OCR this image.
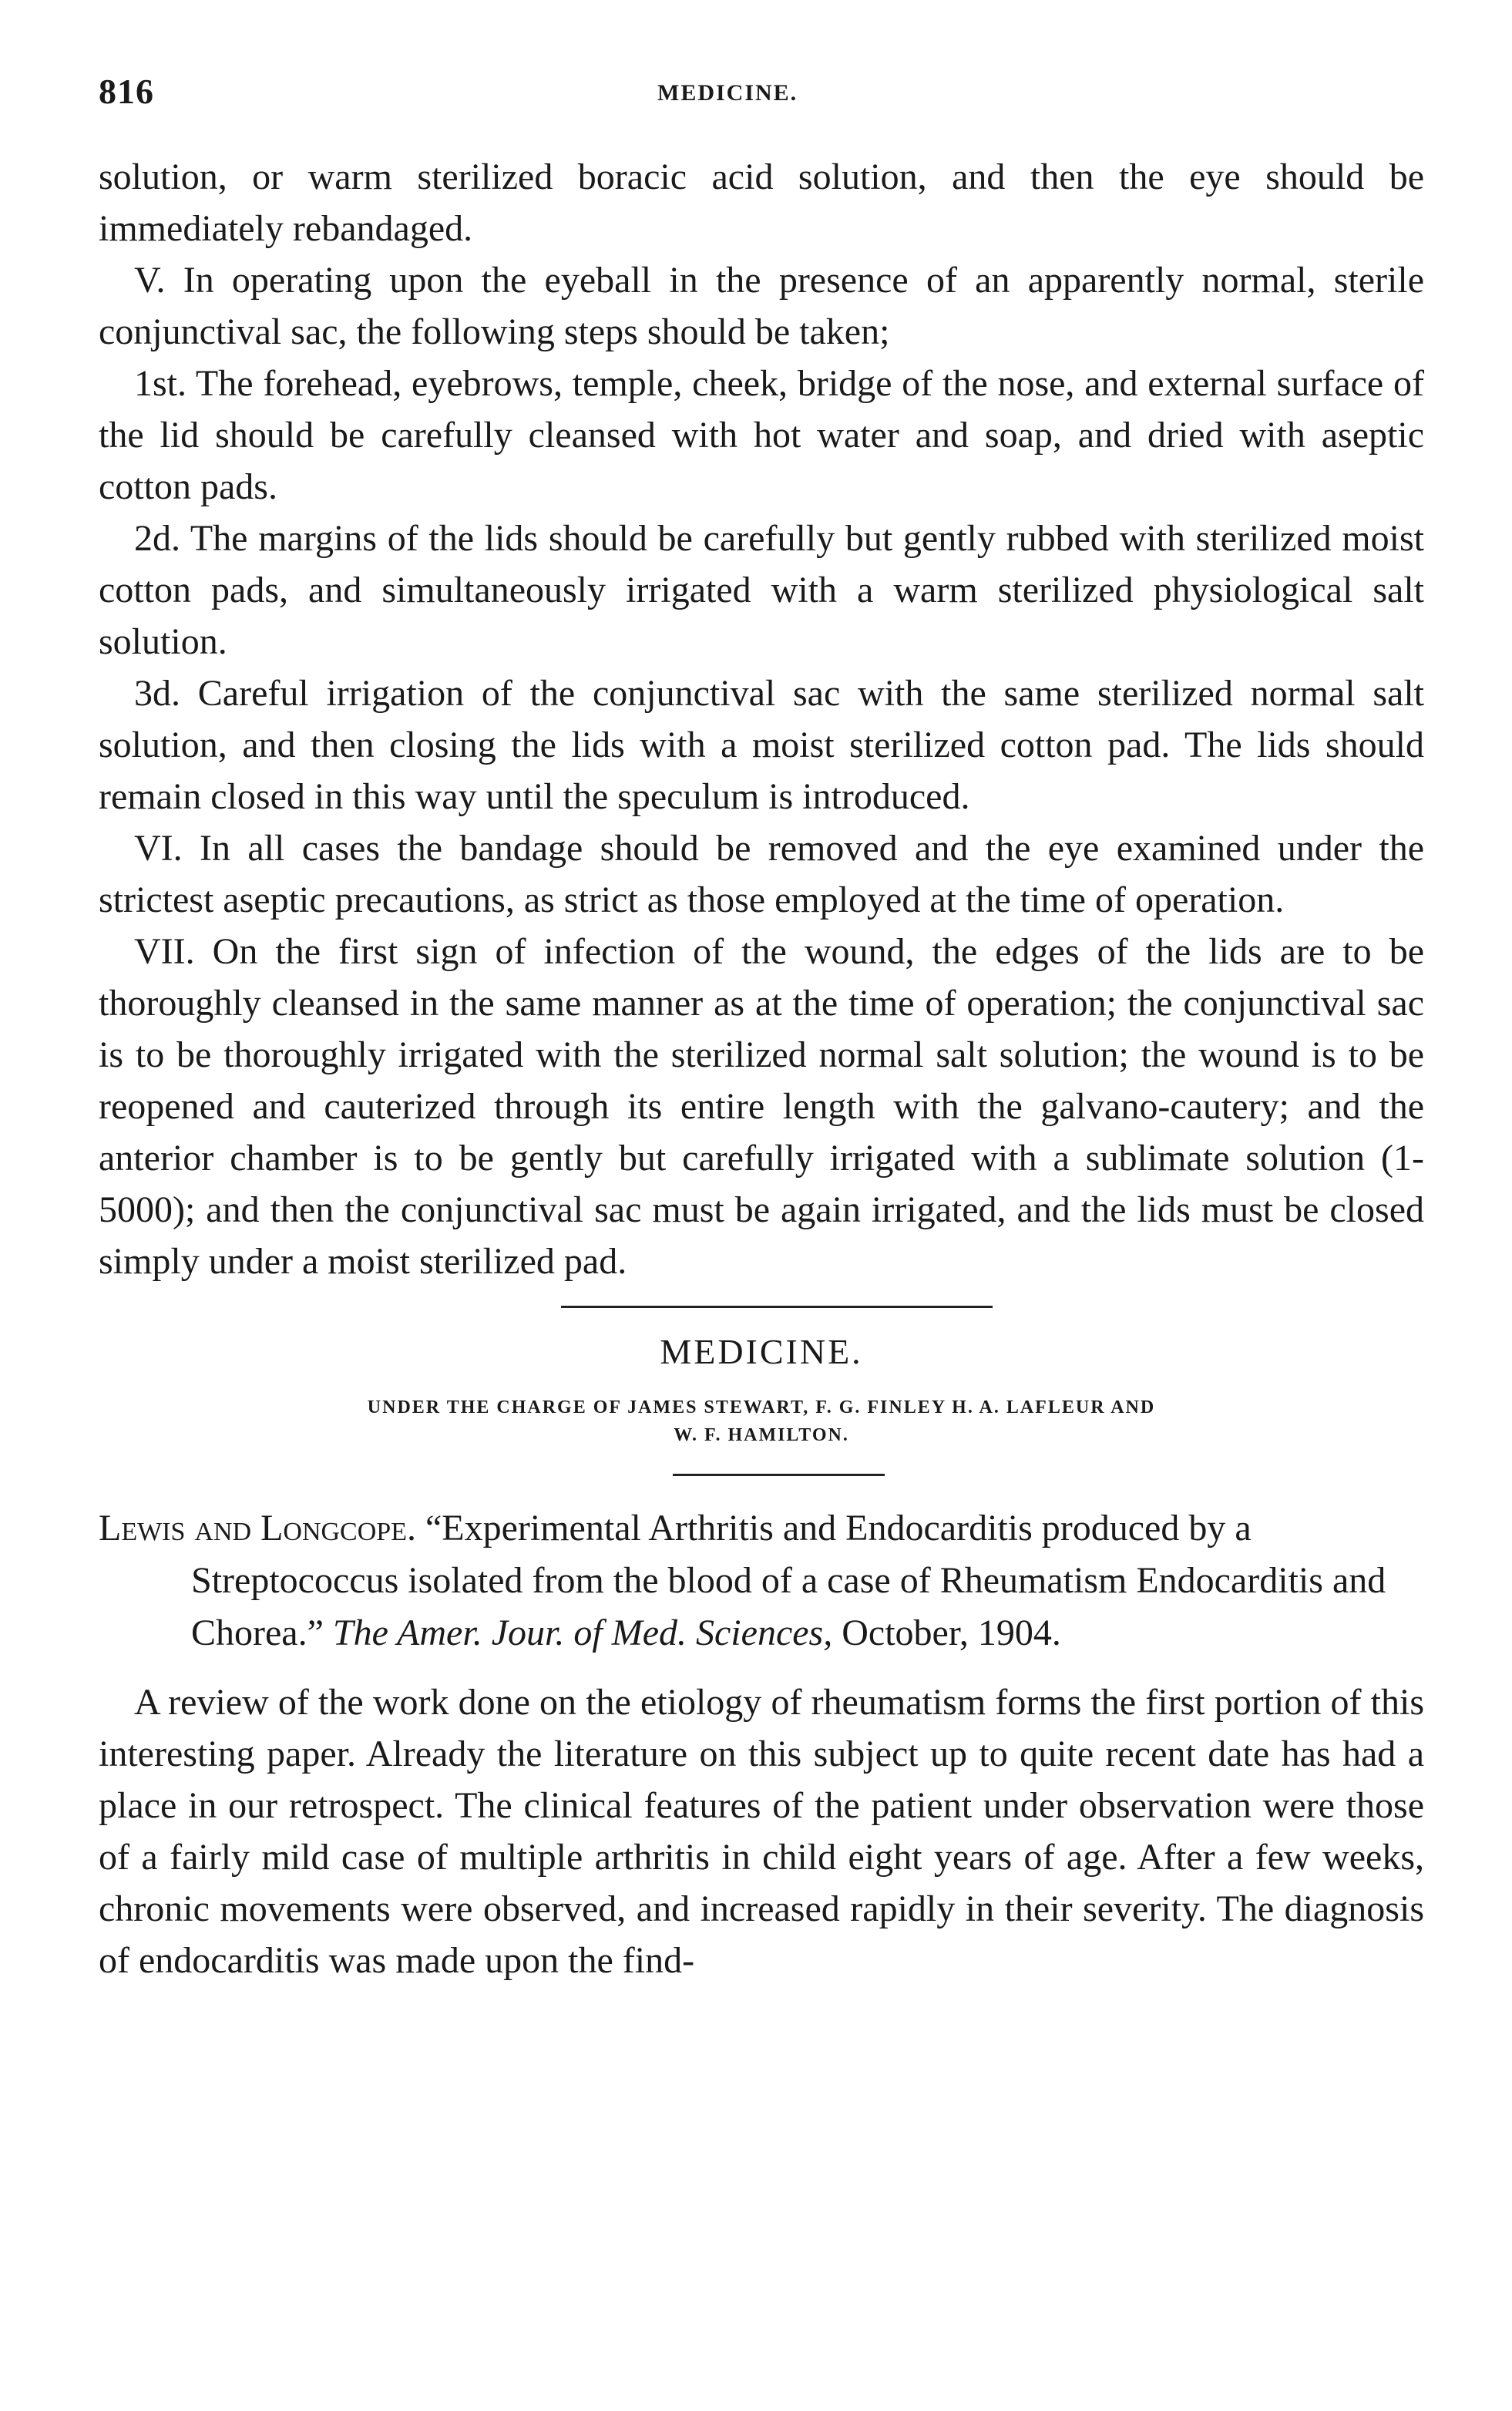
816	MEDICINE.

solution, or warm sterilized boracic acid solution, and then the eye should be immediately rebandaged.

V. In operating upon the eyeball in the presence of an apparently normal, sterile conjunctival sac, the following steps should be taken;

1st. The forehead, eyebrows, temple, cheek, bridge of the nose, and external surface of the lid should be carefully cleansed with hot water and soap, and dried with aseptic cotton pads.

2d. The margins of the lids should be carefully but gently rubbed with sterilized moist cotton pads, and simultaneously irrigated with a warm sterilized physiological salt solution.

3d. Careful irrigation of the conjunctival sac with the same sterilized normal salt solution, and then closing the lids with a moist sterilized cotton pad. The lids should remain closed in this way until the speculum is introduced.

VI. In all cases the bandage should be removed and the eye examined under the strictest aseptic precautions, as strict as those employed at the time of operation.

VII. On the first sign of infection of the wound, the edges of the lids are to be thoroughly cleansed in the same manner as at the time of operation; the conjunctival sac is to be thoroughly irrigated with the sterilized normal salt solution; the wound is to be reopened and cauterized through its entire length with the galvano-cautery; and the anterior chamber is to be gently but carefully irrigated with a sublimate solution (1-5000); and then the conjunctival sac must be again irrigated, and the lids must be closed simply under a moist sterilized pad.

MEDICINE.
UNDER THE CHARGE OF JAMES STEWART, F. G. FINLEY H. A. LAFLEUR AND
W. F. HAMILTON.

Lewis and Longcope. “Experimental Arthritis and Endocarditis produced by a Streptococcus isolated from the blood of a case of Rheumatism Endocarditis and Chorea.” The Amer. Jour. of Med. Sciences, October, 1904.

A review of the work done on the etiology of rheumatism forms the first portion of this interesting paper. Already the literature on this subject up to quite recent date has had a place in our retrospect. The clinical features of the patient under observation were those of a fairly mild case of multiple arthritis in child eight years of age. After a few weeks, chronic movements were observed, and increased rapidly in their severity. The diagnosis of endocarditis was made upon the find-
